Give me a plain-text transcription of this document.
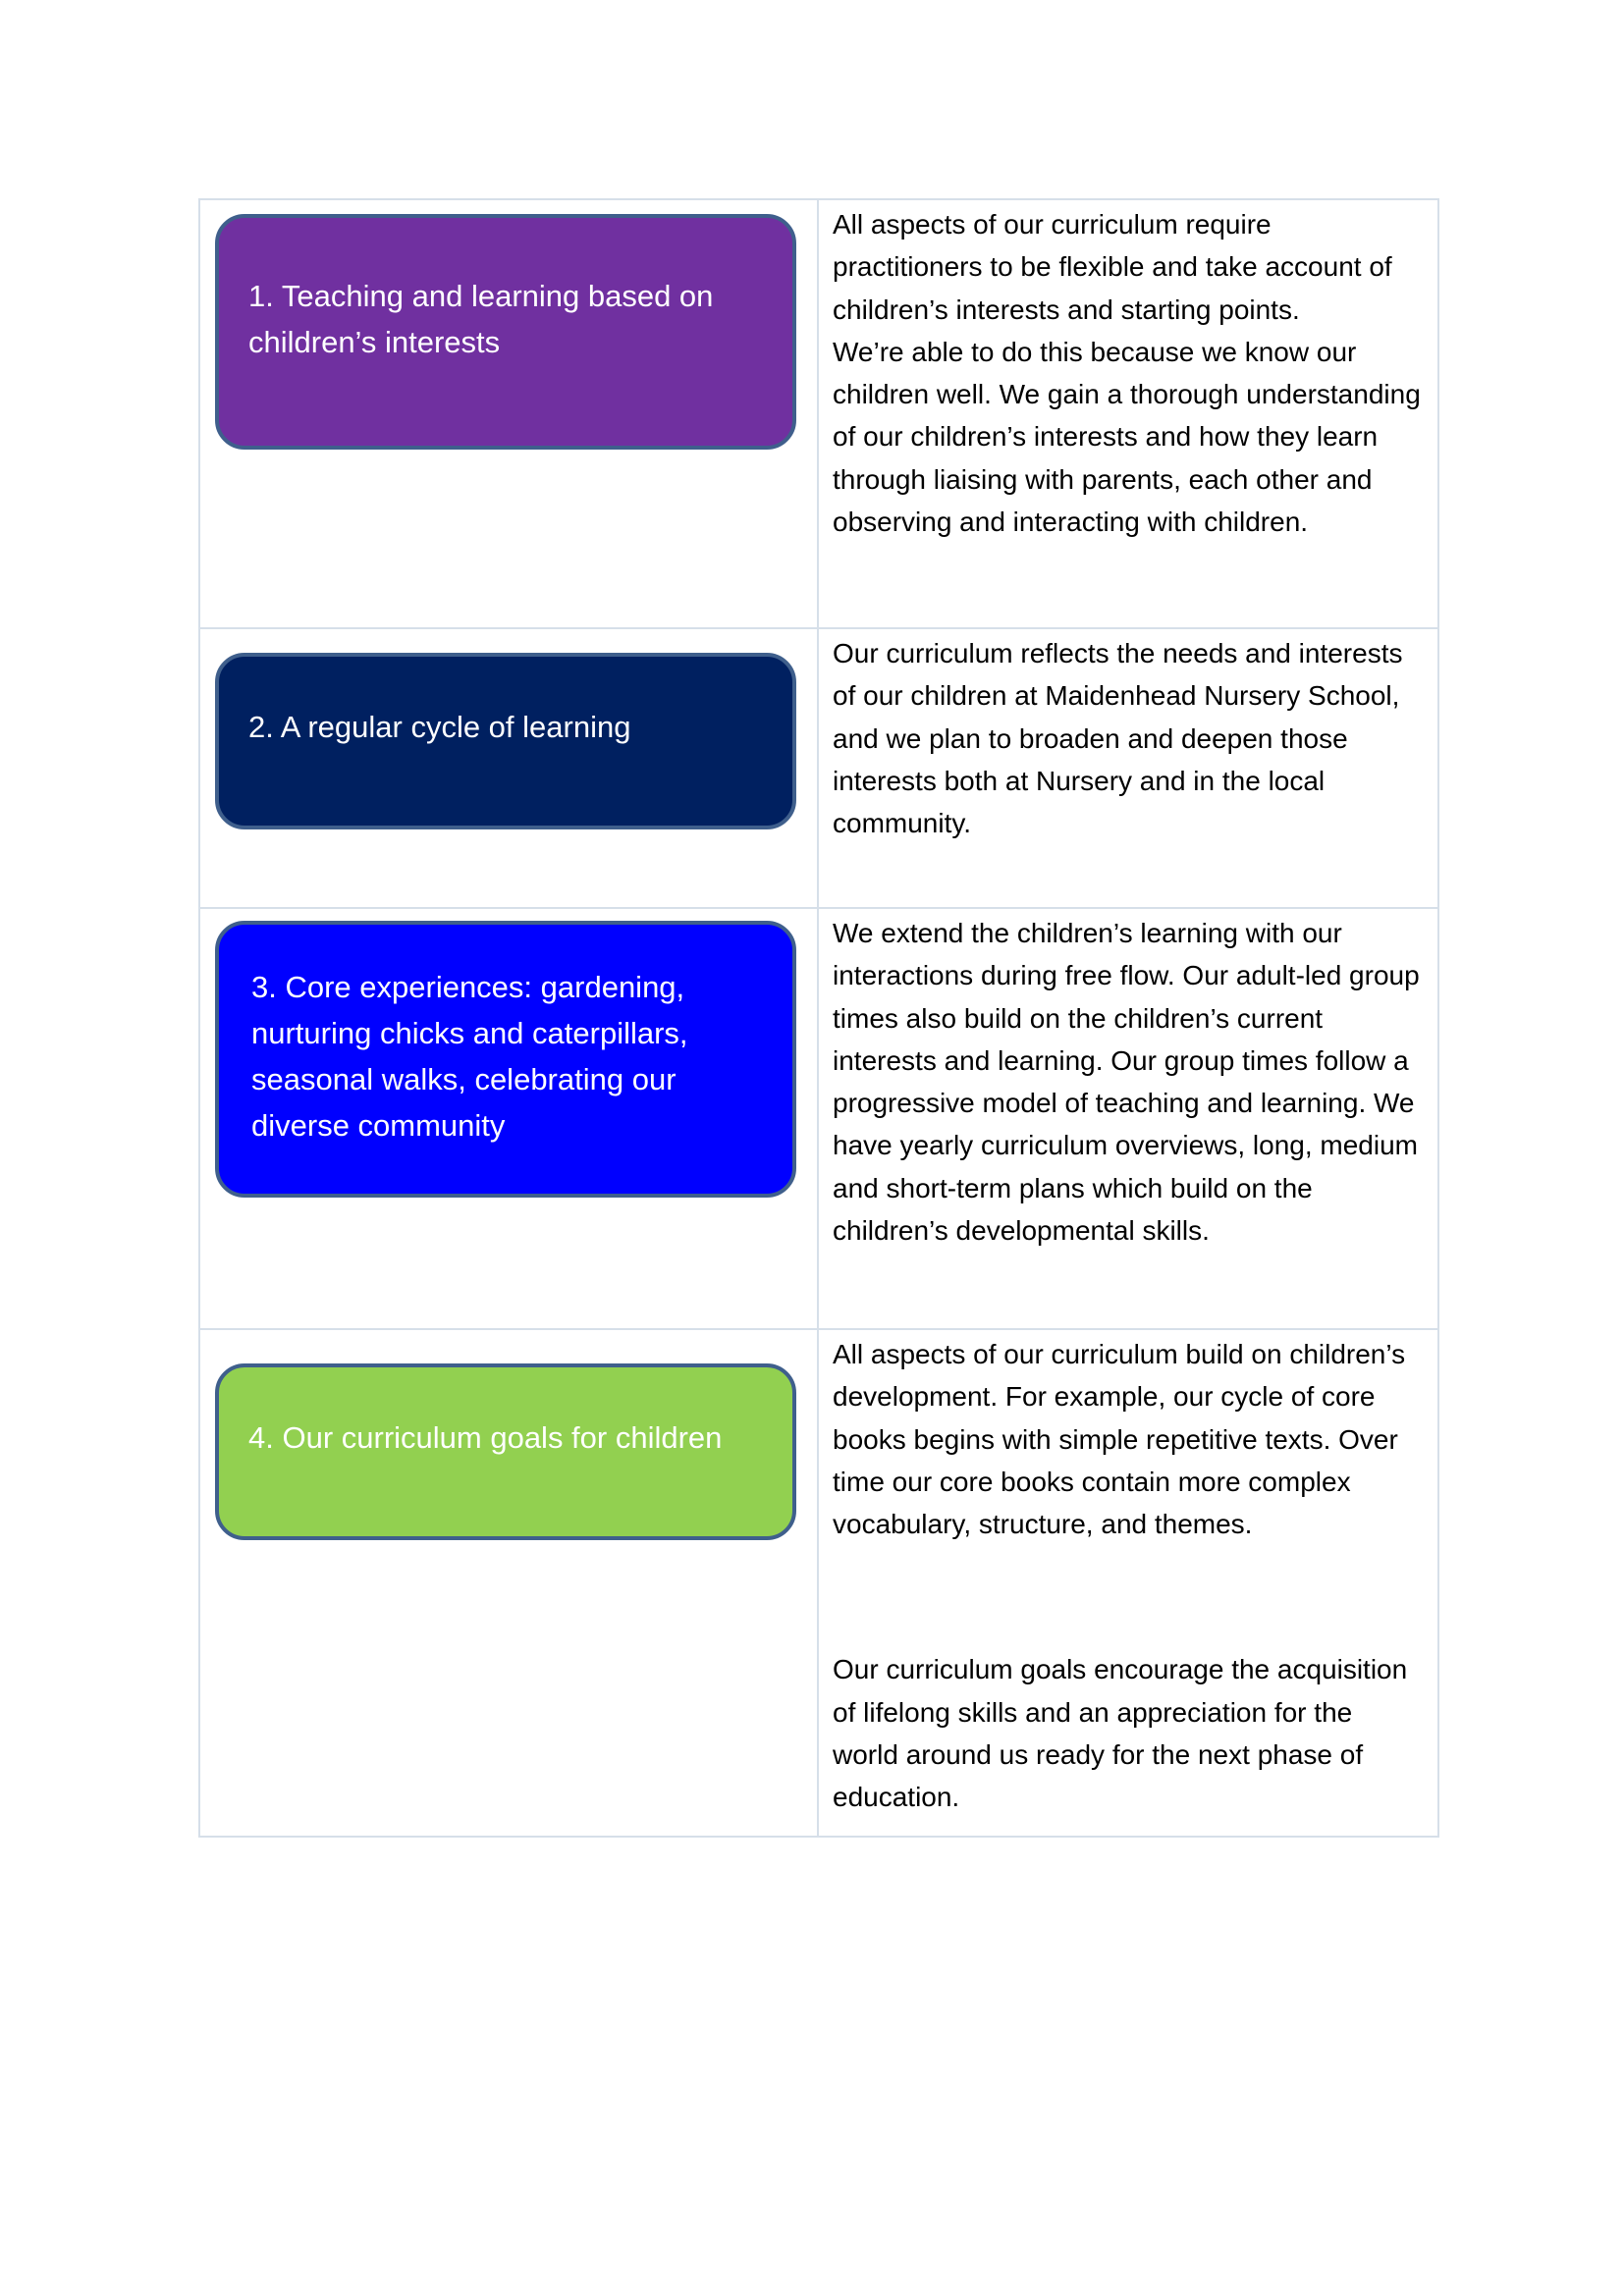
1. Teaching and learning based on children’s interests	All aspects of our curriculum require practitioners to be flexible and take account of children’s interests and starting points.

We’re able to do this because we know our children well. We gain a thorough understanding of our children’s interests and how they learn through liaising with parents, each other and observing and interacting with children.

2. A regular cycle of learning	Our curriculum reflects the needs and interests of our children at Maidenhead Nursery School, and we plan to broaden and deepen those interests both at Nursery and in the local community.

3. Core experiences: gardening, nurturing chicks and caterpillars, seasonal walks, celebrating our diverse community	We extend the children’s learning with our interactions during free flow. Our adult-led group times also build on the children’s current interests and learning. Our group times follow a progressive model of teaching and learning. We have yearly curriculum overviews, long, medium and short-term plans which build on the children’s developmental skills.

4. Our curriculum goals for children	All aspects of our curriculum build on children’s development. For example, our cycle of core books begins with simple repetitive texts. Over time our core books contain more complex vocabulary, structure, and themes.

Our curriculum goals encourage the acquisition of lifelong skills and an appreciation for the world around us ready for the next phase of education.
